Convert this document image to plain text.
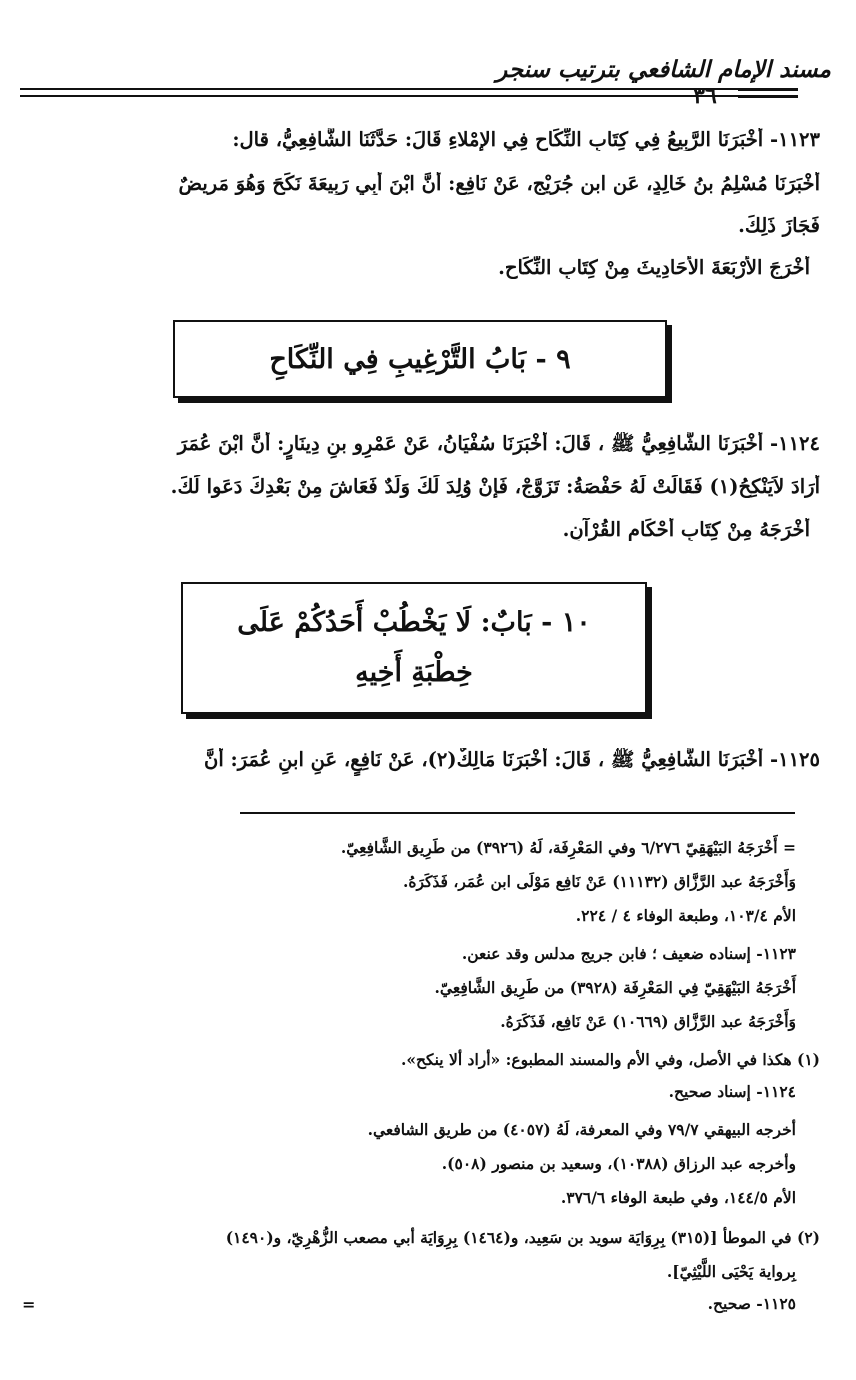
مسند الإمام الشافعي بترتيب سنجر
٣٦
١١٢٣- أخْبَرَنَا الرَّبِيعُ فِي كِتَابِ النِّكَاحِ فِي الإِمْلاءِ قَالَ: حَدَّثَنَا الشَّافِعِيُّ، قال:
أَخْبَرَنَا مُسْلِمُ بنُ خَالِدٍ، عَنِ ابنِ جُرَيْجٍ، عَنْ نَافِعٍ: أَنَّ ابْنَ أَبِي رَبِيعَةَ نَكَحَ وَهُوَ مَرِيضٌ
فَجَازَ ذَلِكَ.
أَخْرَجَ الأَرْبَعَةَ الأَحَادِيثَ مِنْ كِتَابِ النِّكَاحِ.
٩ - بَابُ التَّرْغِيبِ فِي النِّكَاحِ
١١٢٤- أَخْبَرَنَا الشَّافِعِيُّ ﷺ ، قَالَ: أَخْبَرَنَا سُفْيَانُ، عَنْ عَمْرِو بنِ دِينَارٍ: أَنَّ ابْنَ عُمَرَ
أَرَادَ لاَيَنْكِحُ(١) فَقَالَتْ لَهُ حَفْصَةُ: تَزَوَّجْ، فَإِنْ وُلِدَ لَكَ وَلَدٌ فَعَاشَ مِنْ بَعْدِكَ دَعَوا لَكَ.
أَخْرَجَهُ مِنْ كِتَابِ أَحْكَامِ القُرْآنِ.
١٠ - بَابٌ: لَا يَخْطُبْ أَحَدُكُمْ عَلَى
خِطْبَةِ أَخِيهِ
١١٢٥- أَخْبَرَنَا الشَّافِعِيُّ ﷺ ، قَالَ: أَخْبَرَنَا مَالِكٌ(٢)، عَنْ نَافِعٍ، عَنِ ابنِ عُمَرَ: أَنَّ
= أَخْرَجَهُ البَيْهَقِيّ ٦/٢٧٦ وفي المَعْرِفَة، لَهُ (٣٩٢٦) من طَرِيق الشَّافِعِيّ.
وَأَخْرَجَهُ عبد الرَّزَّاق (١١١٣٢) عَنْ نَافِع مَوْلَى ابن عُمَر، فَذَكَرَهُ.
الأم ١٠٣/٤، وطبعة الوفاء ٤ / ٢٢٤.
١١٢٣- إسناده ضعيف ؛ فابن جريج مدلس وقد عنعن.
أَخْرَجَهُ البَيْهَقِيّ فِي المَعْرِفَة (٣٩٢٨) من طَرِيق الشَّافِعِيّ.
وَأَخْرَجَهُ عبد الرَّزَّاق (١٠٦٦٩) عَنْ نَافِع، فَذَكَرَهُ.
(١) هكذا في الأصل، وفي الأم والمسند المطبوع: «أراد ألا ينكح».
١١٢٤- إسناد صحيح.
أخرجه البيهقي ٧٩/٧ وفي المعرفة، لَهُ (٤٠٥٧) من طريق الشافعي.
وأخرجه عبد الرزاق (١٠٣٨٨)، وسعيد بن منصور (٥٠٨).
الأم ١٤٤/٥، وفي طبعة الوفاء ٣٧٦/٦.
(٢) في الموطأ [(٣١٥) بِرِوَايَة سويد بن سَعِيد، و(١٤٦٤) بِرِوَايَة أبي مصعب الزُّهْرِيّ، و(١٤٩٠)
بِرواية يَحْيَى اللَّيْثِيّ].
١١٢٥- صحيح.
=
